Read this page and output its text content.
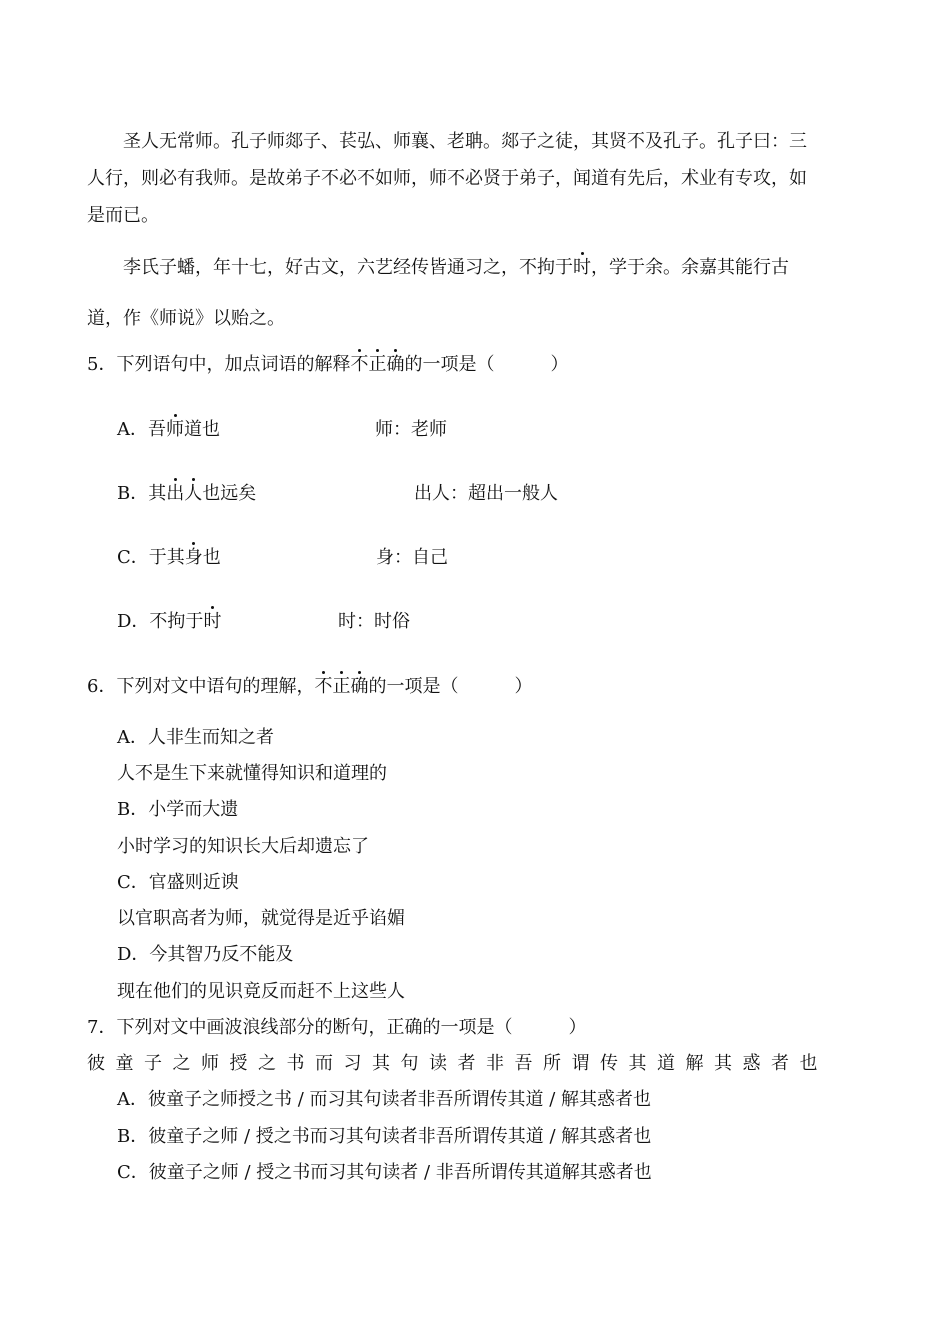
圣人无常师。孔子师郯子、苌弘、师襄、老聃。郯子之徒，其贤不及孔子。孔子曰：三
人行，则必有我师。是故弟子不必不如师，师不必贤于弟子，闻道有先后，术业有专攻，如
是而已。
李氏子蟠，年十七，好古文，六艺经传皆通习之，不拘于时，学于余。余嘉其能行古
道，作《师说》以贻之。
5．下列语句中，加点词语的解释不正确的一项是（	）
A．吾师道也	师：老师
B．其出人也远矣	出人：超出一般人
C．于其身也	身：自己
D．不拘于时	时：时俗
6．下列对文中语句的理解，不正确的一项是（	）
A．人非生而知之者
人不是生下来就懂得知识和道理的
B．小学而大遗
小时学习的知识长大后却遗忘了
C．官盛则近谀
以官职高者为师，就觉得是近乎谄媚
D．今其智乃反不能及
现在他们的见识竟反而赶不上这些人
7．下列对文中画波浪线部分的断句，正确的一项是（	）
彼童子之师授之书而习其句读者非吾所谓传其道解其惑者也
A．彼童子之师授之书 / 而习其句读者非吾所谓传其道 / 解其惑者也
B．彼童子之师 / 授之书而习其句读者非吾所谓传其道 / 解其惑者也
C．彼童子之师 / 授之书而习其句读者 / 非吾所谓传其道解其惑者也
